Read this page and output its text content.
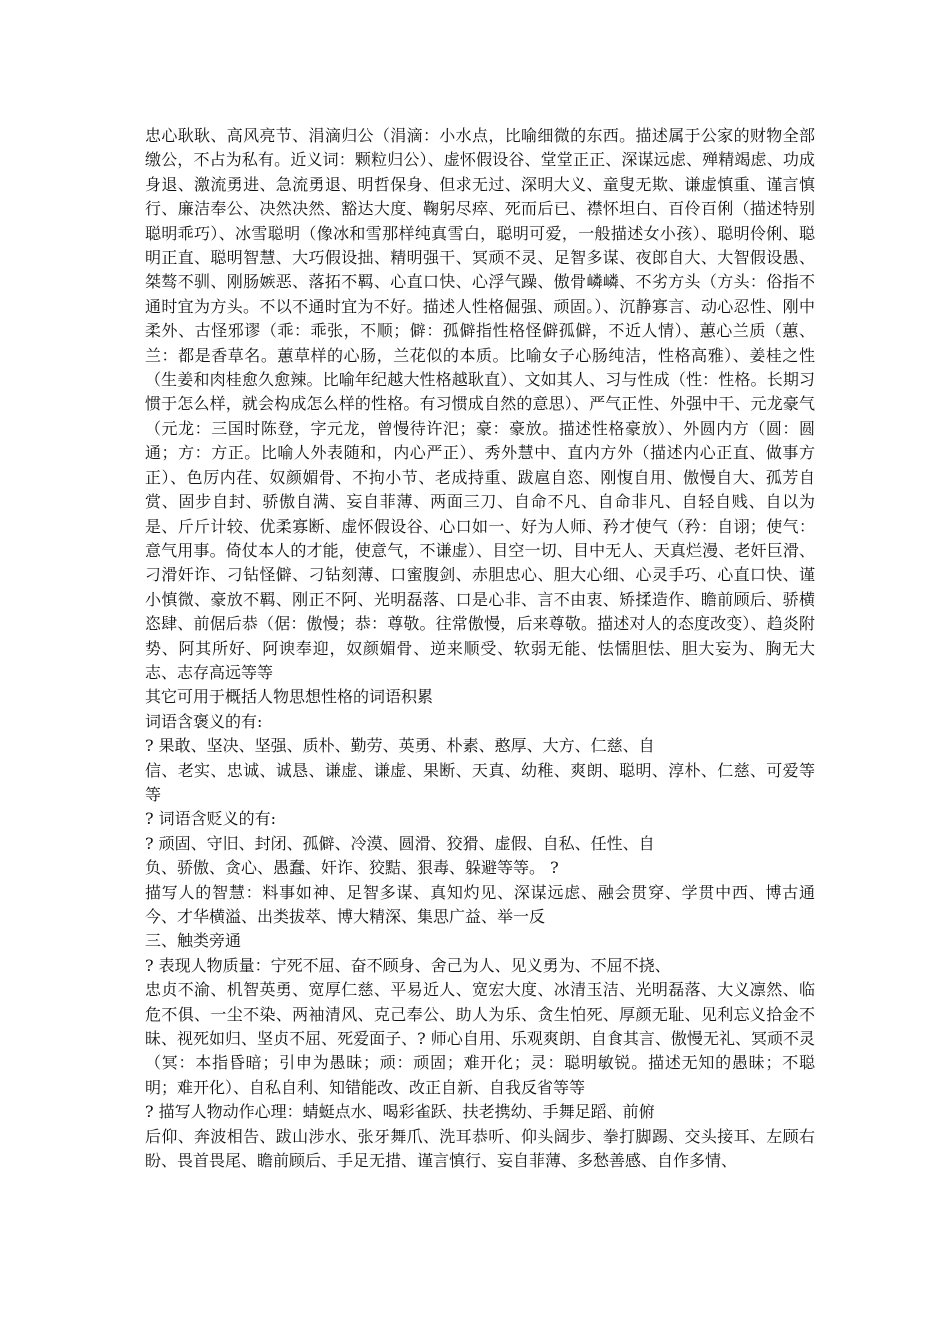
忠心耿耿、高风亮节、涓滴归公（涓滴：小水点，比喻细微的东西。描述属于公家的财物全部缴公，不占为私有。近义词：颗粒归公）、虚怀假设谷、堂堂正正、深谋远虑、殚精竭虑、功成身退、激流勇进、急流勇退、明哲保身、但求无过、深明大义、童叟无欺、谦虚慎重、谨言慎行、廉洁奉公、决然决然、豁达大度、鞠躬尽瘁、死而后已、襟怀坦白、百伶百俐（描述特别聪明乖巧）、冰雪聪明（像冰和雪那样纯真雪白，聪明可爱，一般描述女小孩）、聪明伶俐、聪明正直、聪明智慧、大巧假设拙、精明强干、冥顽不灵、足智多谋、夜郎自大、大智假设愚、桀骜不驯、刚肠嫉恶、落拓不羁、心直口快、心浮气躁、傲骨嶙嶙、不劣方头（方头：俗指不通时宜为方头。不以不通时宜为不好。描述人性格倔强、顽固。）、沉静寡言、动心忍性、刚中柔外、古怪邪谬（乖：乖张，不顺；僻：孤僻指性格怪僻孤僻，不近人情）、蕙心兰质（蕙、兰：都是香草名。蕙草样的心肠，兰花似的本质。比喻女子心肠纯洁，性格高雅）、姜桂之性（生姜和肉桂愈久愈辣。比喻年纪越大性格越耿直）、文如其人、习与性成（性：性格。长期习惯于怎么样，就会构成怎么样的性格。有习惯成自然的意思）、严气正性、外强中干、元龙豪气（元龙：三国时陈登，字元龙，曾慢待许汜；豪：豪放。描述性格豪放）、外圆内方（圆：圆通；方：方正。比喻人外表随和，内心严正）、秀外慧中、直内方外（描述内心正直、做事方正）、色厉内荏、奴颜媚骨、不拘小节、老成持重、跋扈自恣、刚愎自用、傲慢自大、孤芳自赏、固步自封、骄傲自满、妄自菲薄、两面三刀、自命不凡、自命非凡、自轻自贱、自以为是、斤斤计较、优柔寡断、虚怀假设谷、心口如一、好为人师、矜才使气（矜：自诩；使气：意气用事。倚仗本人的才能，使意气，不谦虚）、目空一切、目中无人、天真烂漫、老奸巨滑、刁滑奸诈、刁钻怪僻、刁钻刻薄、口蜜腹剑、赤胆忠心、胆大心细、心灵手巧、心直口快、谨小慎微、豪放不羁、刚正不阿、光明磊落、口是心非、言不由衷、矫揉造作、瞻前顾后、骄横恣肆、前倨后恭（倨：傲慢；恭：尊敬。往常傲慢，后来尊敬。描述对人的态度改变）、趋炎附势、阿其所好、阿谀奉迎，奴颜媚骨、逆来顺受、软弱无能、怯懦胆怯、胆大妄为、胸无大志、志存高远等等

其它可用于概括人物思想性格的词语积累

词语含褒义的有:

? 果敢、坚决、坚强、质朴、勤劳、英勇、朴素、憨厚、大方、仁慈、自

信、老实、忠诚、诚恳、谦虚、谦虚、果断、天真、幼稚、爽朗、聪明、淳朴、仁慈、可爱等等

? 词语含贬义的有:

? 顽固、守旧、封闭、孤僻、冷漠、圆滑、狡猾、虚假、自私、任性、自

负、骄傲、贪心、愚蠢、奸诈、狡黠、狠毒、躲避等等。 ?

描写人的智慧：料事如神、足智多谋、真知灼见、深谋远虑、融会贯穿、学贯中西、博古通今、才华横溢、出类拔萃、博大精深、集思广益、举一反

三、触类旁通

? 表现人物质量：宁死不屈、奋不顾身、舍己为人、见义勇为、不屈不挠、

忠贞不渝、机智英勇、宽厚仁慈、平易近人、宽宏大度、冰清玉洁、光明磊落、大义凛然、临危不俱、一尘不染、两袖清风、克己奉公、助人为乐、贪生怕死、厚颜无耻、见利忘义拾金不昧、视死如归、坚贞不屈、死爱面子、? 师心自用、乐观爽朗、自食其言、傲慢无礼、冥顽不灵（冥：本指昏暗；引申为愚昧；顽：顽固；难开化；灵：聪明敏锐。描述无知的愚昧；不聪明；难开化）、自私自利、知错能改、改正自新、自我反省等等

? 描写人物动作心理：蜻蜓点水、喝彩雀跃、扶老携幼、手舞足蹈、前俯

后仰、奔波相告、跋山涉水、张牙舞爪、洗耳恭听、仰头阔步、拳打脚踢、交头接耳、左顾右盼、畏首畏尾、瞻前顾后、手足无措、谨言慎行、妄自菲薄、多愁善感、自作多情、
